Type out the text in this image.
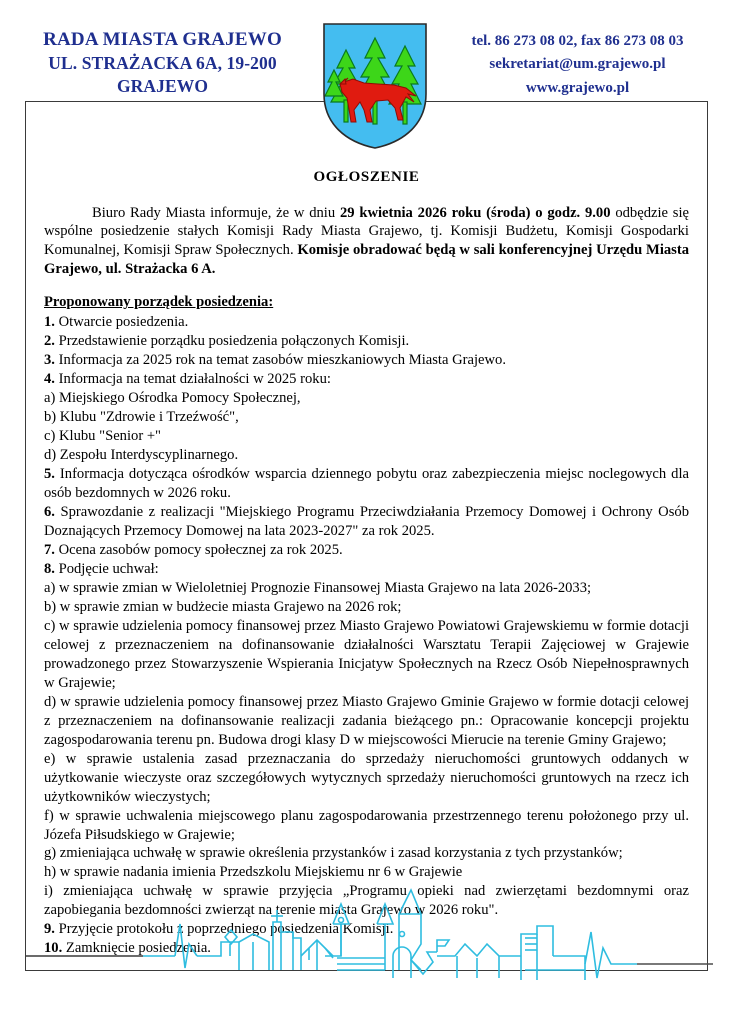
RADA MIASTA GRAJEWO
UL. STRAŻACKA 6A, 19-200 GRAJEWO
tel. 86 273 08 02, fax 86 273 08 03
sekretariat@um.grajewo.pl
www.grajewo.pl
OGŁOSZENIE

Biuro Rady Miasta informuje, że w dniu 29 kwietnia 2026 roku (środa) o godz. 9.00 odbędzie się wspólne posiedzenie stałych Komisji Rady Miasta Grajewo, tj. Komisji Budżetu, Komisji Gospodarki Komunalnej, Komisji Spraw Społecznych. Komisje obradować będą w sali konferencyjnej Urzędu Miasta Grajewo, ul. Strażacka 6 A.

Proponowany porządek posiedzenia:

1. Otwarcie posiedzenia.

2. Przedstawienie porządku posiedzenia połączonych Komisji.

3. Informacja za 2025 rok na temat zasobów mieszkaniowych Miasta Grajewo.

4. Informacja na temat działalności w 2025 roku:

a) Miejskiego Ośrodka Pomocy Społecznej,

b) Klubu "Zdrowie i Trzeźwość",

c) Klubu "Senior +"

d) Zespołu Interdyscyplinarnego.

5. Informacja dotycząca ośrodków wsparcia dziennego pobytu oraz zabezpieczenia miejsc noclegowych dla osób bezdomnych w 2026 roku.

6. Sprawozdanie z realizacji "Miejskiego Programu Przeciwdziałania Przemocy Domowej i Ochrony Osób Doznających Przemocy Domowej na lata 2023-2027" za rok 2025.

7. Ocena zasobów pomocy społecznej za rok 2025.

8. Podjęcie uchwał:

a) w sprawie zmian w Wieloletniej Prognozie Finansowej Miasta Grajewo na lata 2026-2033;

b) w sprawie zmian w budżecie miasta Grajewo na 2026 rok;

c) w sprawie udzielenia pomocy finansowej przez Miasto Grajewo Powiatowi Grajewskiemu w formie dotacji celowej z przeznaczeniem na dofinansowanie działalności Warsztatu Terapii Zajęciowej w Grajewie prowadzonego przez Stowarzyszenie Wspierania Inicjatyw Społecznych na Rzecz Osób Niepełnosprawnych w Grajewie;

d) w sprawie udzielenia pomocy finansowej przez Miasto Grajewo Gminie Grajewo w formie dotacji celowej z przeznaczeniem na dofinansowanie realizacji zadania bieżącego pn.: Opracowanie koncepcji projektu zagospodarowania terenu pn. Budowa drogi klasy D w miejscowości Mierucie na terenie Gminy Grajewo;

e) w sprawie ustalenia zasad przeznaczania do sprzedaży nieruchomości gruntowych oddanych w użytkowanie wieczyste oraz szczegółowych wytycznych sprzedaży nieruchomości gruntowych na rzecz ich użytkowników wieczystych;

f) w sprawie uchwalenia miejscowego planu zagospodarowania przestrzennego terenu położonego przy ul. Józefa Piłsudskiego w Grajewie;

g) zmieniająca uchwałę w sprawie określenia przystanków i zasad korzystania z tych przystanków;

h) w sprawie nadania imienia Przedszkolu Miejskiemu nr 6 w Grajewie

i) zmieniająca uchwałę w sprawie przyjęcia „Programu opieki nad zwierzętami bezdomnymi oraz zapobiegania bezdomności zwierząt na terenie miasta Grajewo w 2026 roku".

9. Przyjęcie protokołu z poprzedniego posiedzenia Komisji.

10. Zamknięcie posiedzenia.
